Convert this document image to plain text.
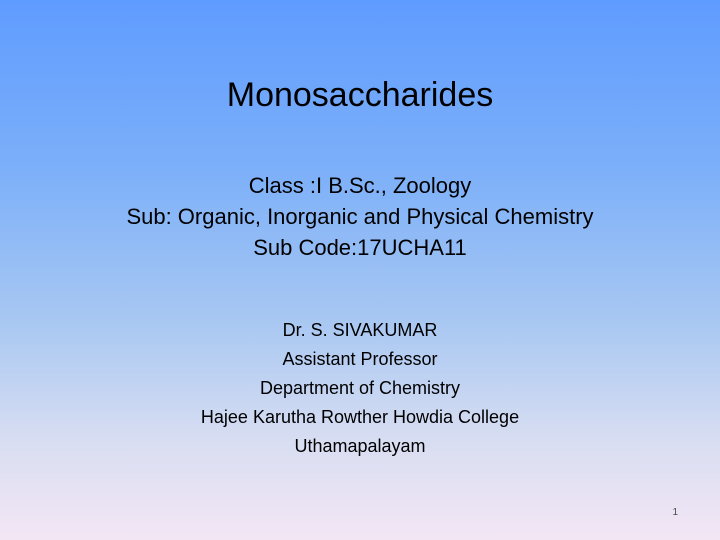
Monosaccharides
Class :I B.Sc., Zoology
Sub: Organic, Inorganic and Physical Chemistry
Sub Code:17UCHA11
Dr. S. SIVAKUMAR
Assistant Professor
Department of Chemistry
Hajee Karutha Rowther Howdia College
Uthamapalayam
1
